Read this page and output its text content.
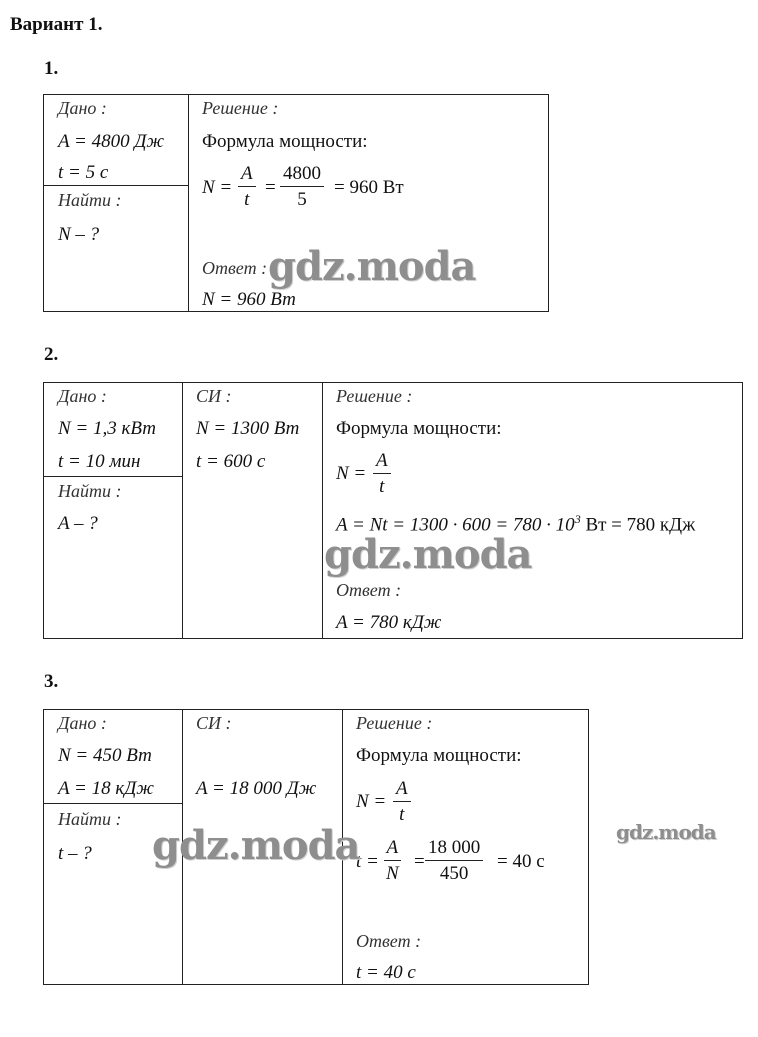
Вариант 1.
1.
Дано :
A = 4800 Дж
t = 5 c
Найти :
N – ?
Решение :
Формула мощности:
$N = \frac{A}{t} = \frac{4800}{5} = 960$ Вт
Ответ :
N = 960 Вт
gdz.moda
2.
Дано :
N = 1,3 кВт
t = 10 мин
Найти :
A – ?
СИ :
N = 1300 Вт
t = 600 c
Решение :
Формула мощности:
$N = \frac{A}{t}$
$A = Nt = 1300 \cdot 600 = 780 \cdot 10^3$ Вт = 780 кДж
Ответ :
A = 780 кДж
gdz.moda
3.
Дано :
N = 450 Вт
A = 18 кДж
Найти :
t – ?
СИ :
A = 18 000 Дж
Решение :
Формула мощности:
$N = \frac{A}{t}$
$t = \frac{A}{N} = \frac{18 000}{450} = 40$ c
Ответ :
t = 40 c
gdz.moda	gdz.moda
